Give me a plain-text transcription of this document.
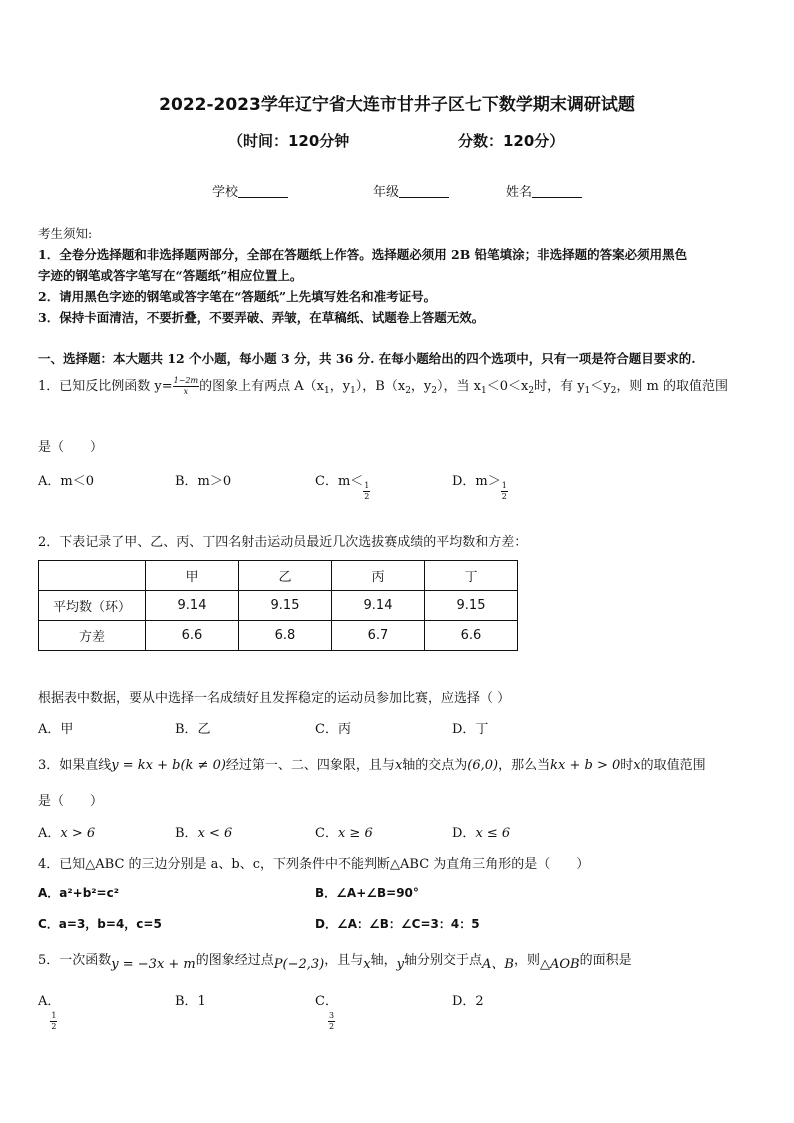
2022-2023学年辽宁省大连市甘井子区七下数学期末调研试题
（时间：120分钟	分数：120分）
学校	年级	姓名
考生须知:
1．全卷分选择题和非选择题两部分，全部在答题纸上作答。选择题必须用 2B 铅笔填涂；非选择题的答案必须用黑色
字迹的钢笔或答字笔写在“答题纸”相应位置上。
2．请用黑色字迹的钢笔或答字笔在“答题纸”上先填写姓名和准考证号。
3．保持卡面清洁，不要折叠，不要弄破、弄皱，在草稿纸、试题卷上答题无效。
一、选择题：本大题共 12 个小题，每小题 3 分，共 36 分. 在每小题给出的四个选项中，只有一项是符合题目要求的.
1．已知反比例函数 $y= \frac{1-2m}{x}$ 的图象上有两点 $A(x_1$，$y_1$），$B(x_2$，$y_2$），当 $x_1<0<x_2$时，有 $y_1<y_2$，则 m 的取值范围
是（　　）
A．m＜0	B．m＞0	C．$m< \frac{1}{2}$	D．$m> \frac{1}{2}$
2．下表记录了甲、乙、丙、丁四名射击运动员最近几次选拔赛成绩的平均数和方差：
	甲	乙	丙	丁
平均数（环）	9.14	9.15	9.14	9.15
方差	6.6	6.8	6.7	6.6
根据表中数据，要从中选择一名成绩好且发挥稳定的运动员参加比赛，应选择（ ）
A．甲	B．乙	C．丙	D．丁
3．如果直线y = kx + b(k ≠ 0)经过第一、二、四象限，且与x轴的交点为(6,0)，那么当kx + b > 0时x的取值范围
是（　　）
A．x > 6	B．x < 6	C．x ≥ 6	D．x ≤ 6
4．已知△ABC 的三边分别是 a、b、c，下列条件中不能判断△ABC 为直角三角形的是（　　）
A．a²+b²=c²	B．∠A+∠B=90°
C．a=3，b=4，c=5	D．∠A：∠B：∠C=3：4：5
5．一次函数y = −3x + m的图象经过点P(−2,3)，且与x轴，y轴分别交于点A、B，则△AOB的面积是
A．
$\frac{1}{2}$
B．1	C．
$\frac{3}{2}$
D．2
